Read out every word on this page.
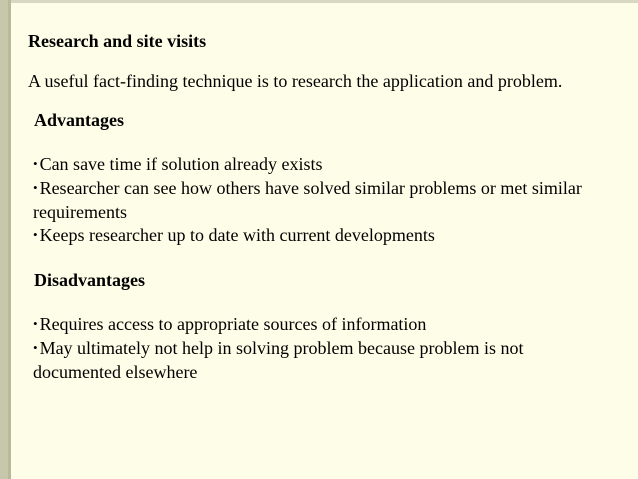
Research and site visits
A useful fact-finding technique is to research the application and problem.
Advantages
• Can save time if solution already exists
• Researcher can see how others have solved similar problems or met similar requirements
• Keeps researcher up to date with current developments
Disadvantages
• Requires access to appropriate sources of information
• May ultimately not help in solving problem because problem is not documented elsewhere
